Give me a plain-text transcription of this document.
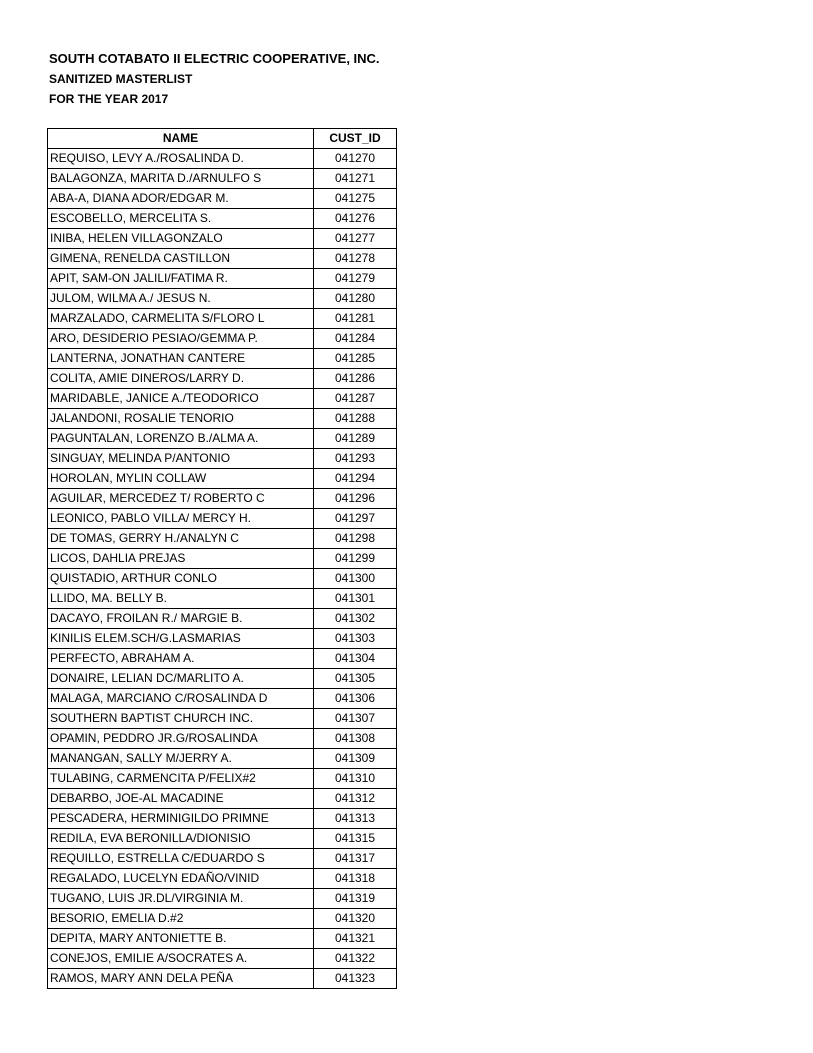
SOUTH COTABATO II ELECTRIC COOPERATIVE, INC.
SANITIZED MASTERLIST
FOR THE YEAR 2017
NAME	CUST_ID
REQUISO, LEVY A./ROSALINDA D.	041270
BALAGONZA, MARITA D./ARNULFO S	041271
ABA-A, DIANA ADOR/EDGAR M.	041275
ESCOBELLO, MERCELITA S.	041276
INIBA, HELEN VILLAGONZALO	041277
GIMENA, RENELDA CASTILLON	041278
APIT, SAM-ON JALILI/FATIMA R.	041279
JULOM, WILMA A./ JESUS N.	041280
MARZALADO, CARMELITA S/FLORO L	041281
ARO, DESIDERIO PESIAO/GEMMA P.	041284
LANTERNA, JONATHAN CANTERE	041285
COLITA, AMIE DINEROS/LARRY D.	041286
MARIDABLE, JANICE A./TEODORICO	041287
JALANDONI, ROSALIE TENORIO	041288
PAGUNTALAN, LORENZO B./ALMA A.	041289
SINGUAY, MELINDA P/ANTONIO	041293
HOROLAN, MYLIN COLLAW	041294
AGUILAR, MERCEDEZ T/ ROBERTO C	041296
LEONICO, PABLO VILLA/ MERCY H.	041297
DE TOMAS, GERRY H./ANALYN C	041298
LICOS, DAHLIA PREJAS	041299
QUISTADIO, ARTHUR CONLO	041300
LLIDO, MA. BELLY B.	041301
DACAYO, FROILAN R./ MARGIE B.	041302
KINILIS ELEM.SCH/G.LASMARIAS	041303
PERFECTO, ABRAHAM A.	041304
DONAIRE, LELIAN DC/MARLITO A.	041305
MALAGA, MARCIANO C/ROSALINDA D	041306
SOUTHERN BAPTIST CHURCH INC.	041307
OPAMIN, PEDDRO JR.G/ROSALINDA	041308
MANANGAN, SALLY M/JERRY A.	041309
TULABING, CARMENCITA P/FELIX#2	041310
DEBARBO, JOE-AL MACADINE	041312
PESCADERA, HERMINIGILDO PRIMNE	041313
REDILA, EVA BERONILLA/DIONISIO	041315
REQUILLO, ESTRELLA C/EDUARDO S	041317
REGALADO, LUCELYN EDAÑO/VINID	041318
TUGANO, LUIS JR.DL/VIRGINIA M.	041319
BESORIO, EMELIA D.#2	041320
DEPITA, MARY ANTONIETTE B.	041321
CONEJOS, EMILIE A/SOCRATES A.	041322
RAMOS, MARY ANN DELA PEÑA	041323
